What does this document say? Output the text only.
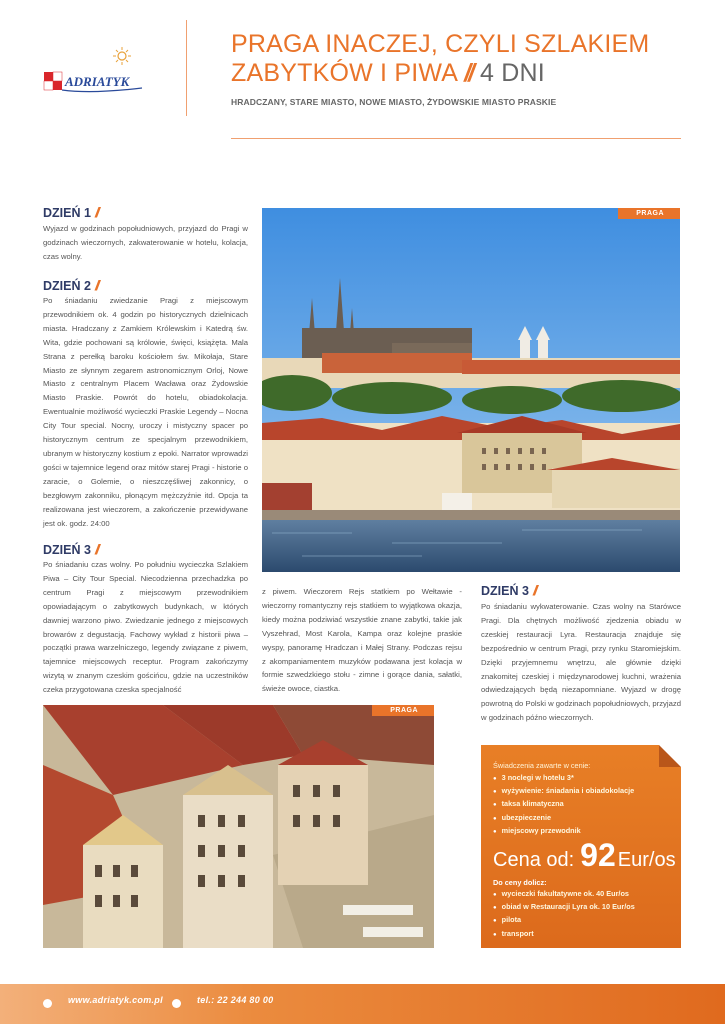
ADRIATYK
PRAGA INACZEJ, CZYLI SZLAKIEM
ZABYTKÓW I PIWA // 4 DNI
HRADCZANY, STARE MIASTO, NOWE MIASTO, ŻYDOWSKIE MIASTO PRASKIE
DZIEŃ 1 //
Wyjazd w godzinach popołudniowych, przyjazd do Pragi w godzinach wieczornych, zakwaterowanie w hotelu, kolacja, czas wolny.
DZIEŃ 2 //
Po śniadaniu zwiedzanie Pragi z miejscowym przewodnikiem ok. 4 godzin po historycznych dzielnicach miasta. Hradczany z Zamkiem Królewskim i Katedrą św. Wita, gdzie pochowani są królowie, święci, książęta. Mala Strana z perełką baroku kościołem św. Mikołaja, Stare Miasto ze słynnym zegarem astronomicznym Orloj, Nowe Miasto z centralnym Placem Wacława oraz Żydowskie Miasto Praskie. Powrót do hotelu, obiadokolacja. Ewentualnie możliwość wycieczki Praskie Legendy – Nocna City Tour special. Nocny, uroczy i mistyczny spacer po historycznym centrum ze specjalnym przewodnikiem, ubranym w historyczny kostium z epoki. Narrator wprowadzi gości w tajemnice legend oraz mitów starej Pragi - historie o zaracie, o Golemie, o nieszczęśliwej zakonnicy, o bezgłowym zakonniku, płonącym mężczyźnie itd. Opcja ta realizowana jest wieczorem, a zakończenie przewidywane jest ok. godz. 24:00
DZIEŃ 3 //
Po śniadaniu czas wolny. Po południu wycieczka Szlakiem Piwa – City Tour Special. Niecodzienna przechadzka po centrum Pragi z miejscowym przewodnikiem opowiadającym o zabytkowych budynkach, w których dawniej warzono piwo. Zwiedzanie jednego z miejscowych browarów z degustacją. Fachowy wykład z historii piwa – początki prawa warzelniczego, legendy związane z piwem, tajemnice miejscowych receptur. Program zakończymy wizytą w znanym czeskim gościńcu, gdzie na uczestników czeka przygotowana czeska specjalność
z piwem. Wieczorem Rejs statkiem po Wełtawie - wieczorny romantyczny rejs statkiem to wyjątkowa okazja, kiedy można podziwiać wszystkie znane zabytki, takie jak Vyszehrad, Most Karola, Kampa oraz kolejne praskie wyspy, panoramę Hradczan i Małej Strany. Podczas rejsu z akompaniamentem muzyków podawana jest kolacja w formie szwedzkiego stołu - zimne i gorące dania, sałatki, świeże owoce, ciastka.
DZIEŃ 3 //
Po śniadaniu wykwaterowanie. Czas wolny na Starówce Pragi. Dla chętnych możliwość zjedzenia obiadu w czeskiej restauracji Lyra. Restauracja znajduje się bezpośrednio w centrum Pragi, przy rynku Staromiejskim. Dzięki przyjemnemu wnętrzu, ale głównie dzięki znakomitej czeskiej i międzynarodowej kuchni, wrażenia odwiedzających będą niezapomniane. Wyjazd w drogę powrotną do Polski w godzinach popołudniowych, przyjazd w godzinach późno wieczornych.
PRAGA
PRAGA
Świadczenia zawarte w cenie:
● 3 noclegi w hotelu 3*
● wyżywienie: śniadania i obiadokolacje
● taksa klimatyczna
● ubezpieczenie
● miejscowy przewodnik
Cena od: 92 Eur/os
Do ceny dolicz:
● wycieczki fakultatywne ok. 40 Eur/os
● obiad w Restauracji Lyra ok. 10 Eur/os
● pilota
● transport
www.adriatyk.com.pl	tel.: 22 244 80 00
